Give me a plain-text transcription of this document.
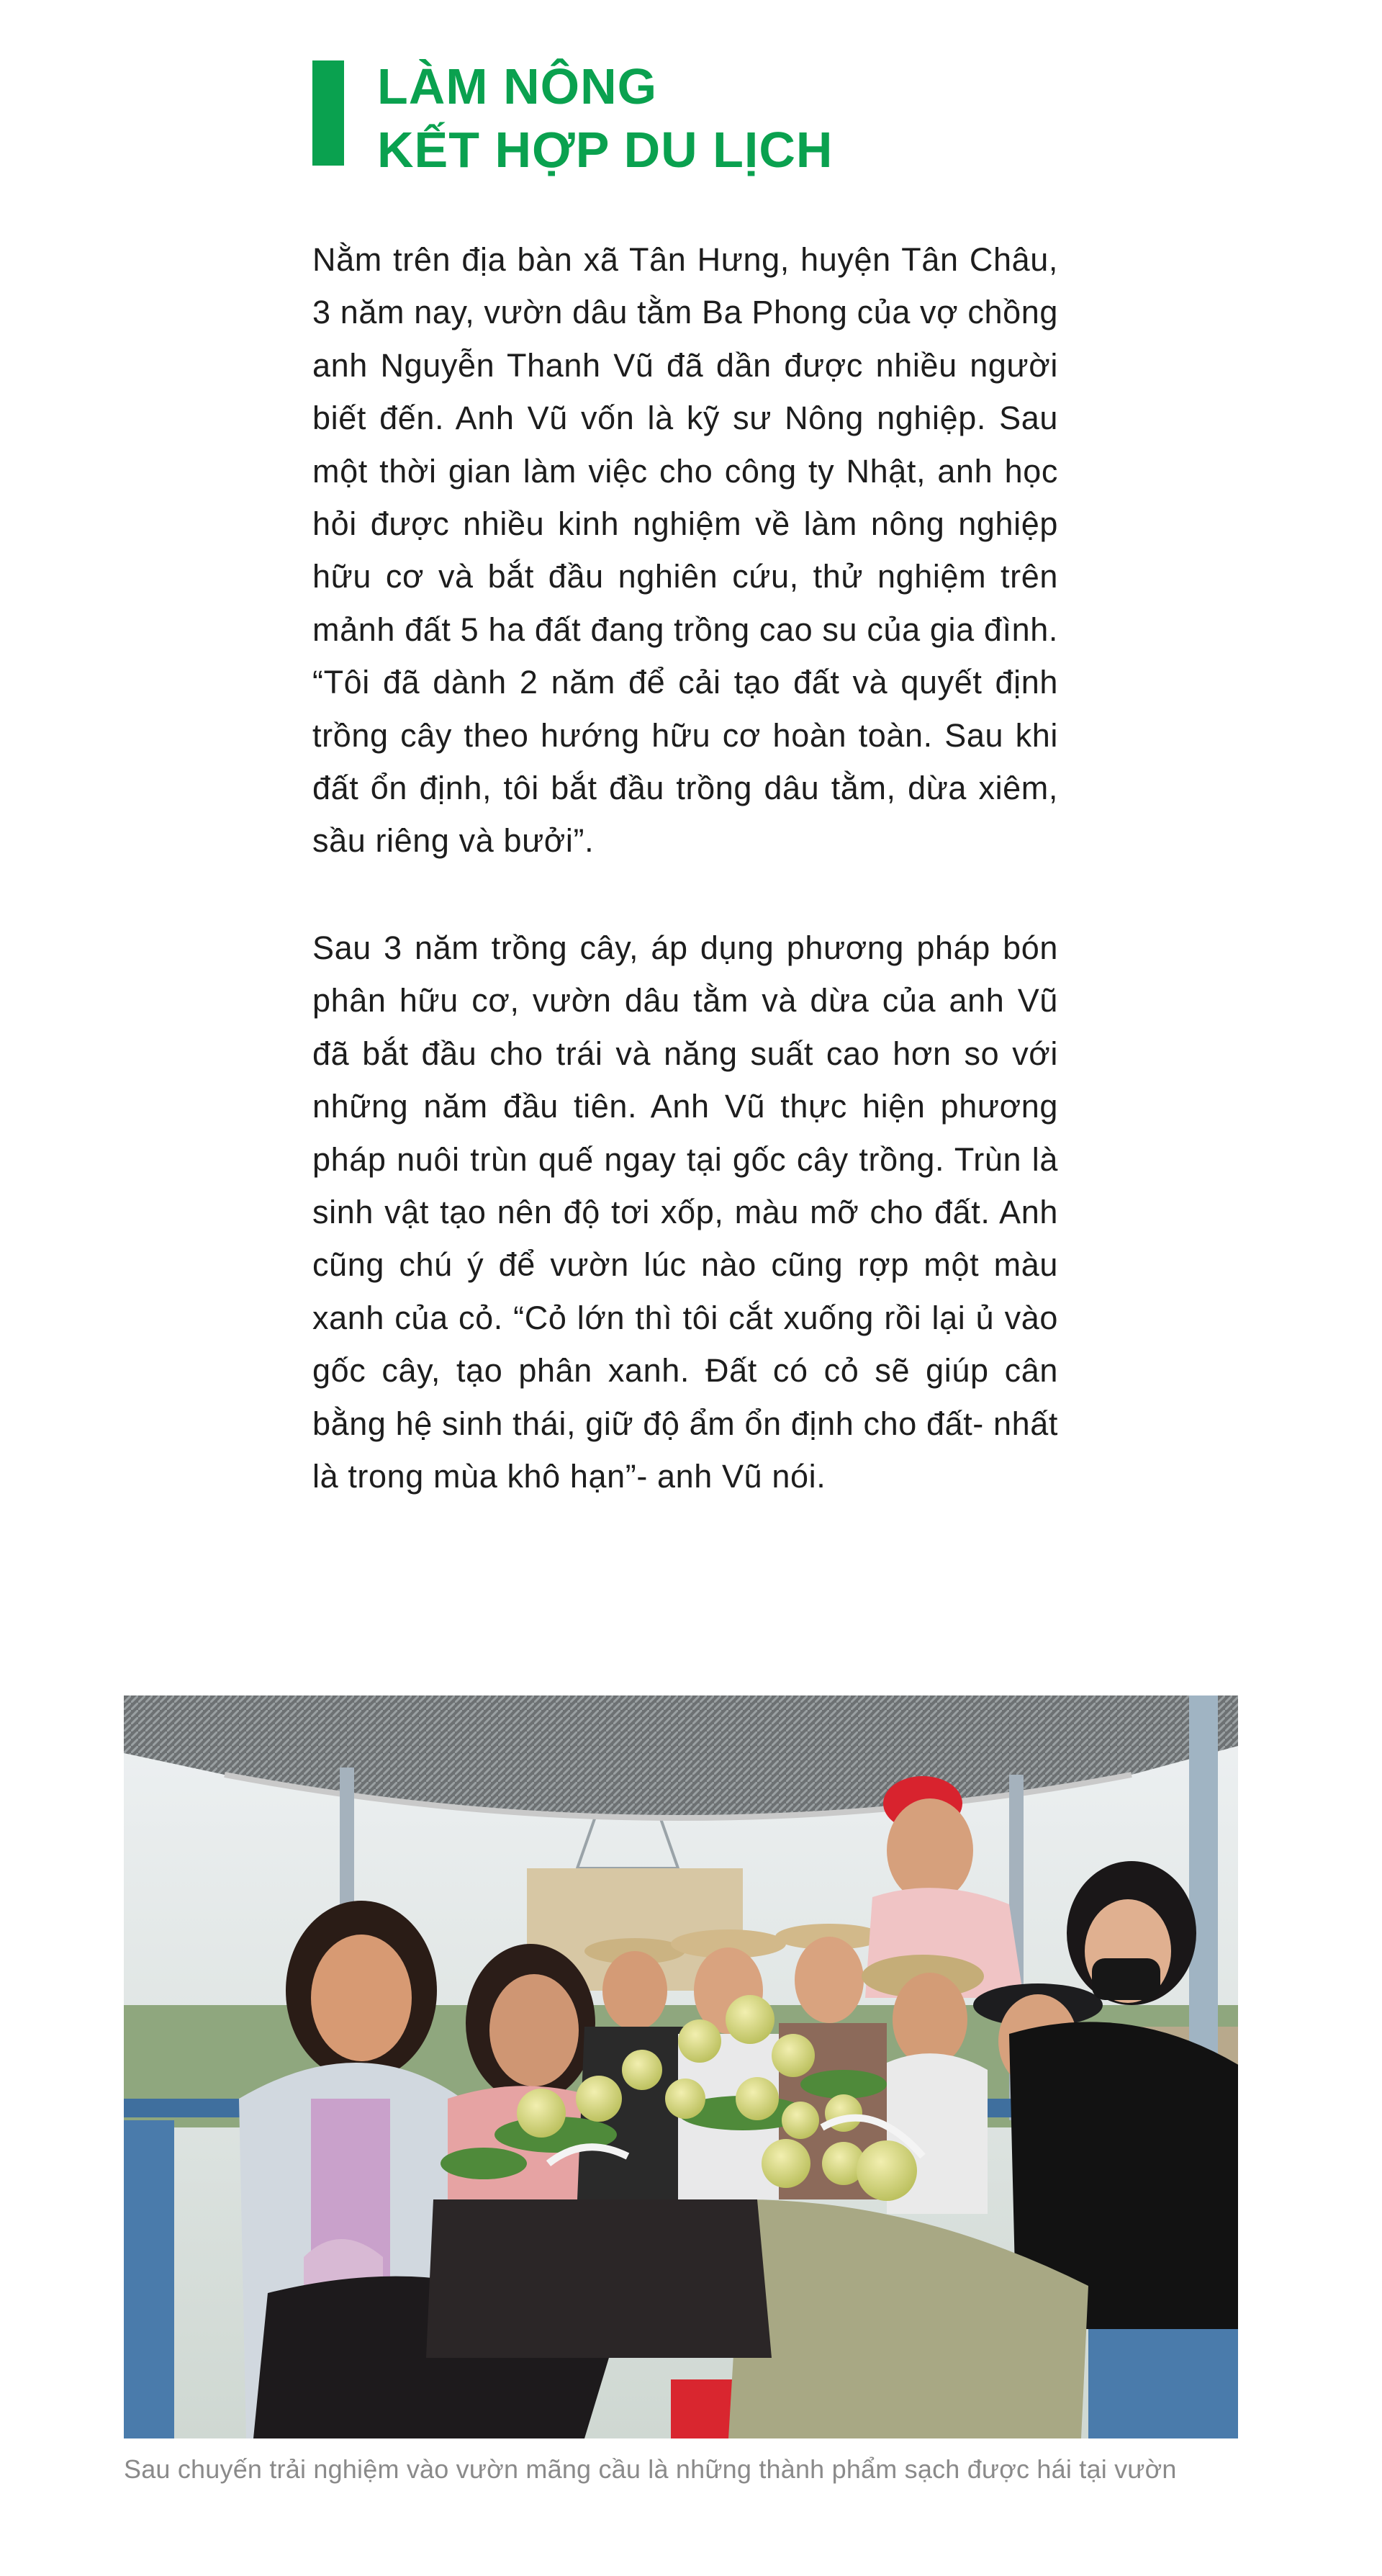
LÀM NÔNG
KẾT HỢP DU LỊCH

Nằm trên địa bàn xã Tân Hưng, huyện Tân Châu, 3 năm nay, vườn dâu tằm Ba Phong của vợ chồng anh Nguyễn Thanh Vũ đã dần được nhiều người biết đến. Anh Vũ vốn là kỹ sư Nông nghiệp. Sau một thời gian làm việc cho công ty Nhật, anh học hỏi được nhiều kinh nghiệm về làm nông nghiệp hữu cơ và bắt đầu nghiên cứu, thử nghiệm trên mảnh đất 5 ha đất đang trồng cao su của gia đình. “Tôi đã dành 2 năm để cải tạo đất và quyết định trồng cây theo hướng hữu cơ hoàn toàn. Sau khi đất ổn định, tôi bắt đầu trồng dâu tằm, dừa xiêm, sầu riêng và bưởi”.

Sau 3 năm trồng cây, áp dụng phương pháp bón phân hữu cơ, vườn dâu tằm và dừa của anh Vũ đã bắt đầu cho trái và năng suất cao hơn so với những năm đầu tiên. Anh Vũ thực hiện phương pháp nuôi trùn quế ngay tại gốc cây trồng. Trùn là sinh vật tạo nên độ tơi xốp, màu mỡ cho đất. Anh cũng chú ý để vườn lúc nào cũng rợp một màu xanh của cỏ. “Cỏ lớn thì tôi cắt xuống rồi lại ủ vào gốc cây, tạo phân xanh. Đất có cỏ sẽ giúp cân bằng hệ sinh thái, giữ độ ẩm ổn định cho đất- nhất là trong mùa khô hạn”- anh Vũ nói.

Sau chuyến trải nghiệm vào vườn mãng cầu là những thành phẩm sạch được hái tại vườn
